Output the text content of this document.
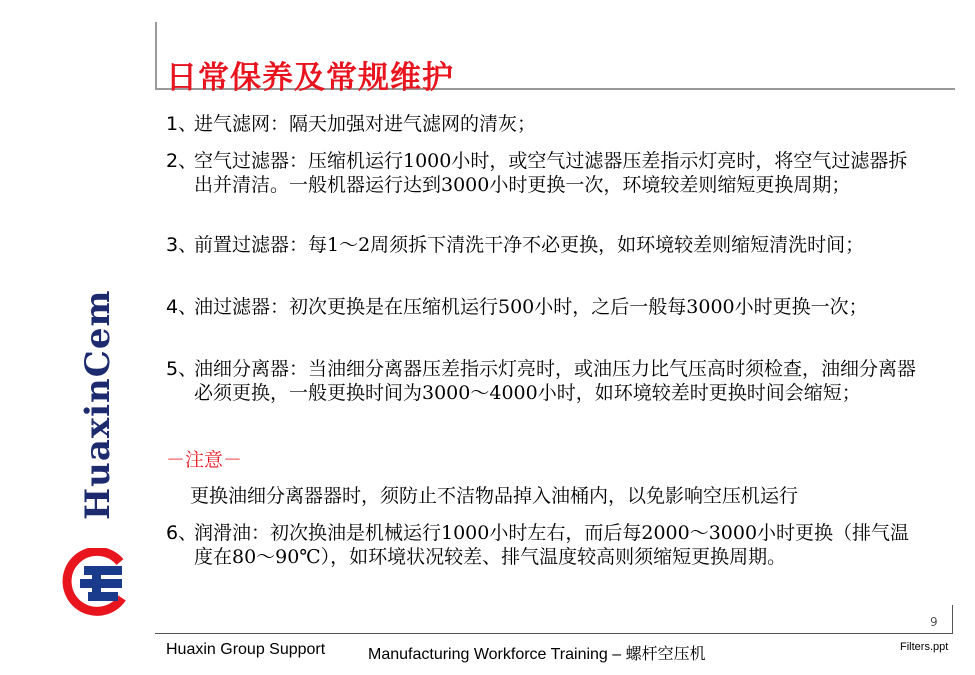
日常保养及常规维护
HuaxinCem
1、
进气滤网：隔天加强对进气滤网的清灰；
2、
空气过滤器：压缩机运行1000小时，或空气过滤器压差指示灯亮时，将空气过滤器拆出并清洁。一般机器运行达到3000小时更换一次，环境较差则缩短更换周期；
3、
前置过滤器：每1～2周须拆下清洗干净不必更换，如环境较差则缩短清洗时间；
4、
油过滤器：初次更换是在压缩机运行500小时，之后一般每3000小时更换一次；
5、
油细分离器：当油细分离器压差指示灯亮时，或油压力比气压高时须检查，油细分离器必须更换，一般更换时间为3000～4000小时，如环境较差时更换时间会缩短；
－注意－
更换油细分离器器时，须防止不洁物品掉入油桶内，以免影响空压机运行
6、
润滑油：初次换油是机械运行1000小时左右，而后每2000～3000小时更换（排气温度在80～90℃），如环境状况较差、排气温度较高则须缩短更换周期。
9
Huaxin Group Support	Manufacturing Workforce Training – 螺杆空压机	Filters.ppt
